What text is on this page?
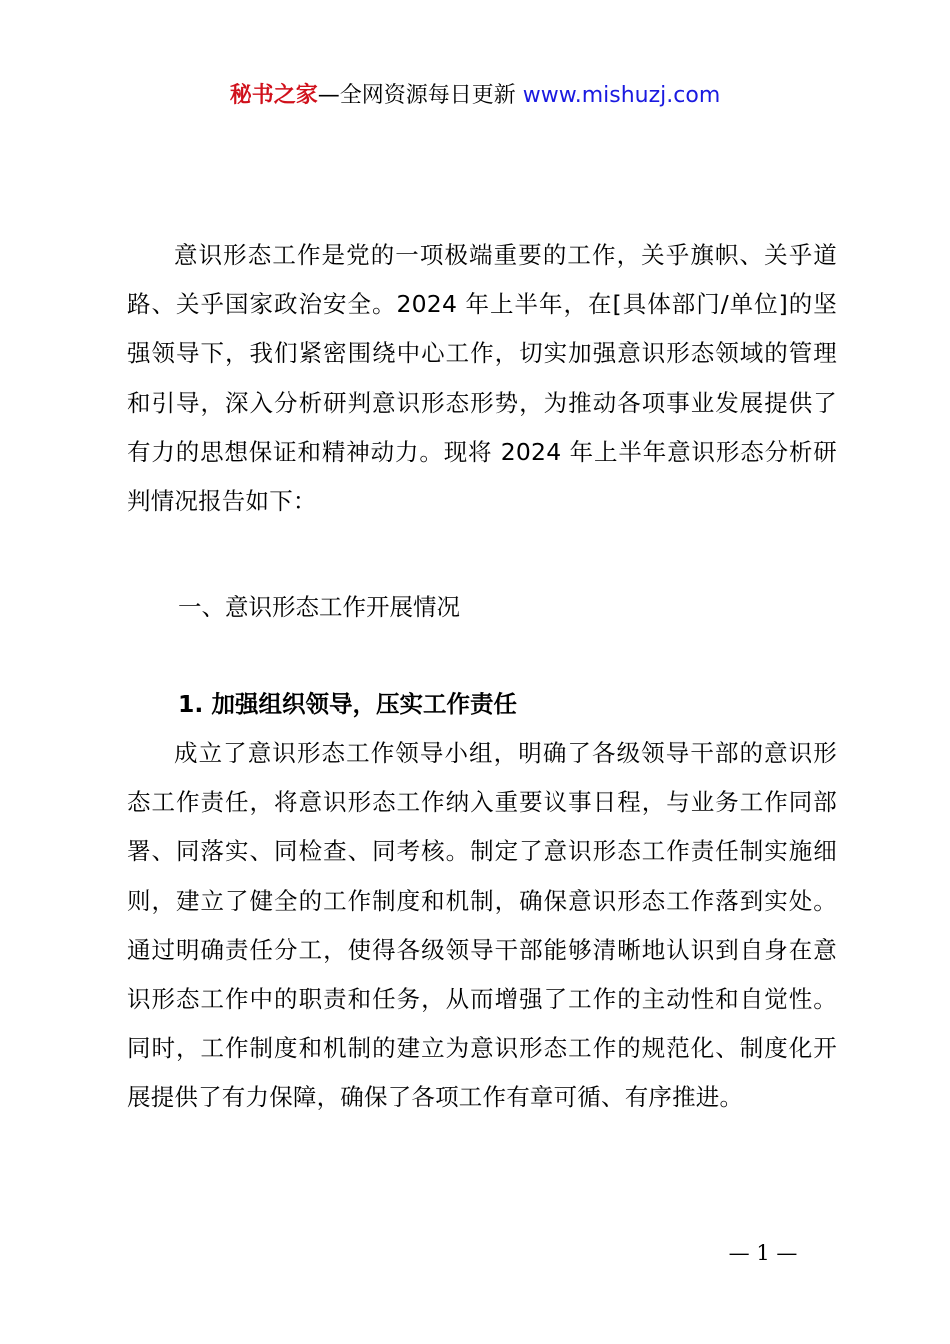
秘书之家—全网资源每日更新 www.mishuzj.com

意识形态工作是党的一项极端重要的工作，关乎旗帜、关乎道路、关乎国家政治安全。2024 年上半年，在[具体部门/单位]的坚强领导下，我们紧密围绕中心工作，切实加强意识形态领域的管理和引导，深入分析研判意识形态形势，为推动各项事业发展提供了有力的思想保证和精神动力。现将 2024 年上半年意识形态分析研判情况报告如下：

一、意识形态工作开展情况
1. 加强组织领导，压实工作责任

成立了意识形态工作领导小组，明确了各级领导干部的意识形态工作责任，将意识形态工作纳入重要议事日程，与业务工作同部署、同落实、同检查、同考核。制定了意识形态工作责任制实施细则，建立了健全的工作制度和机制，确保意识形态工作落到实处。通过明确责任分工，使得各级领导干部能够清晰地认识到自身在意识形态工作中的职责和任务，从而增强了工作的主动性和自觉性。同时，工作制度和机制的建立为意识形态工作的规范化、制度化开展提供了有力保障，确保了各项工作有章可循、有序推进。

— 1 —
